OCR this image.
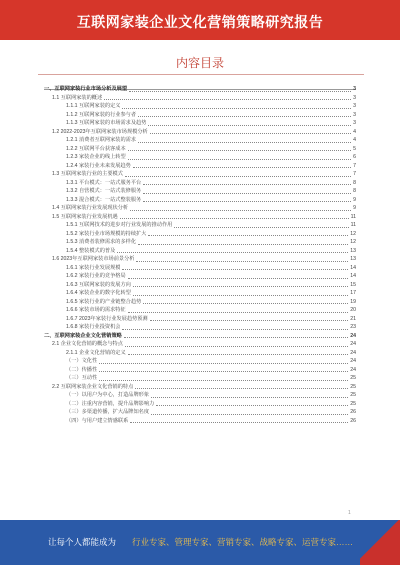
互联网家装企业文化营销策略研究报告
内容目录
一、互联网家装行业市场分析及展望	3
1.1 互联网家装的概述	3
1.1.1 互联网家装的定义	3
1.1.2 互联网家装的行业参与者	3
1.1.3 互联网家装的市场需求及趋势	3
1.2 2022-2023年互联网家装市场规模分析	4
1.2.1 消费者互联网家装的需求	4
1.2.2 互联网平台获客成本	5
1.2.3 家装企业的线上转型	6
1.2.4 家装行业未来发展趋势	7
1.3 互联网家装行业的主要模式	7
1.3.1 平台模式：一站式服务平台	8
1.3.2 自营模式：一站式装修服务	8
1.3.3 混合模式：一站式整装服务	9
1.4 互联网家装行业发展现状分析	9
1.5 互联网家装行业发展机遇	11
1.5.1 互联网技术的进步对行业发展的推动作用	11
1.5.2 家装行业市场规模的持续扩大	12
1.5.3 消费者装修需求的多样化	12
1.5.4 整装模式的普及	13
1.6 2023年互联网家装市场前景分析	13
1.6.1 家装行业发展规模	14
1.6.2 家装行业的竞争格局	14
1.6.3 互联网家装的发展方向	15
1.6.4 家装企业的数字化转型	17
1.6.5 家装行业的产业链整合趋势	19
1.6.6 家装市场的需求特征	20
1.6.7 2023年家装行业发展趋势预测	21
1.6.8 家装行业投资机会	23
二、互联网家装企业文化营销策略	24
2.1 企业文化营销的概念与特点	24
2.1.1 企业文化营销的定义	24
（一）文化性	24
（二）传播性	24
（三）互动性	25
2.2 互联网家装企业文化营销的特点	25
（一）以用户为中心，打造品牌形象	25
（二）注重内容营销，提升品牌影响力	25
（三）多渠道传播，扩大品牌知名度	26
（四）与用户建立情感联系	26
1
让每个人都能成为 行业专家、管理专家、营销专家、战略专家、运营专家……
